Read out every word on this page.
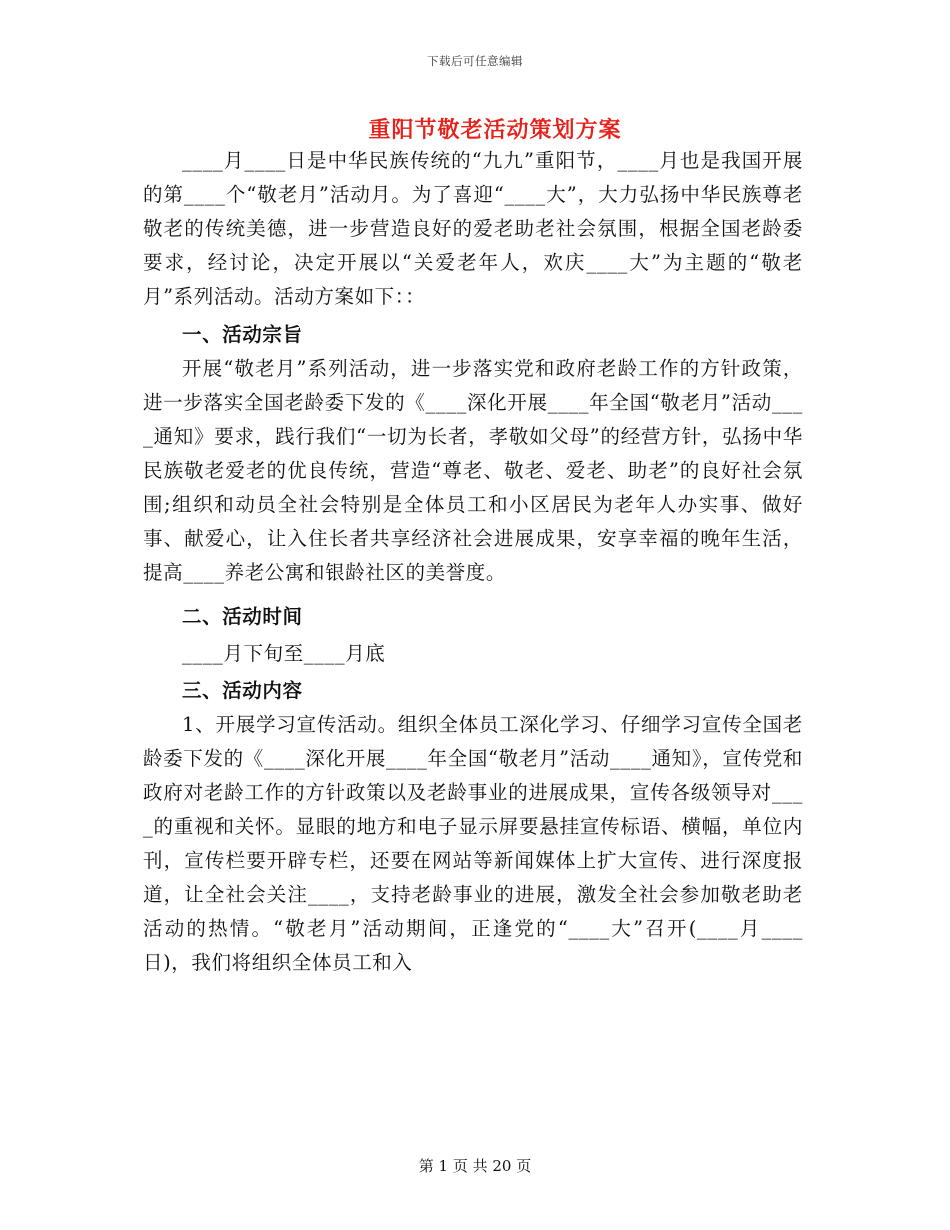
下载后可任意编辑
重阳节敬老活动策划方案

____月____日是中华民族传统的“九九”重阳节，____月也是我国开展的第____个“敬老月”活动月。为了喜迎“____大”，大力弘扬中华民族尊老敬老的传统美德，进一步营造良好的爱老助老社会氛围，根据全国老龄委要求，经讨论，决定开展以“关爱老年人，欢庆____大”为主题的“敬老月”系列活动。活动方案如下：：

一、活动宗旨

开展“敬老月”系列活动，进一步落实党和政府老龄工作的方针政策，进一步落实全国老龄委下发的《____深化开展____年全国“敬老月”活动____通知》要求，践行我们“一切为长者，孝敬如父母”的经营方针，弘扬中华民族敬老爱老的优良传统，营造“尊老、敬老、爱老、助老”的良好社会氛围;组织和动员全社会特别是全体员工和小区居民为老年人办实事、做好事、献爱心，让入住长者共享经济社会进展成果，安享幸福的晚年生活，提高____养老公寓和银龄社区的美誉度。

二、活动时间

____月下旬至____月底

三、活动内容

1、开展学习宣传活动。组织全体员工深化学习、仔细学习宣传全国老龄委下发的《____深化开展____年全国“敬老月”活动____通知》，宣传党和政府对老龄工作的方针政策以及老龄事业的进展成果，宣传各级领导对____的重视和关怀。显眼的地方和电子显示屏要悬挂宣传标语、横幅，单位内刊，宣传栏要开辟专栏，还要在网站等新闻媒体上扩大宣传、进行深度报道，让全社会关注____，支持老龄事业的进展，激发全社会参加敬老助老活动的热情。“敬老月”活动期间，正逢党的“____大”召开(____月____日)，我们将组织全体员工和入

第 1 页 共 20 页
